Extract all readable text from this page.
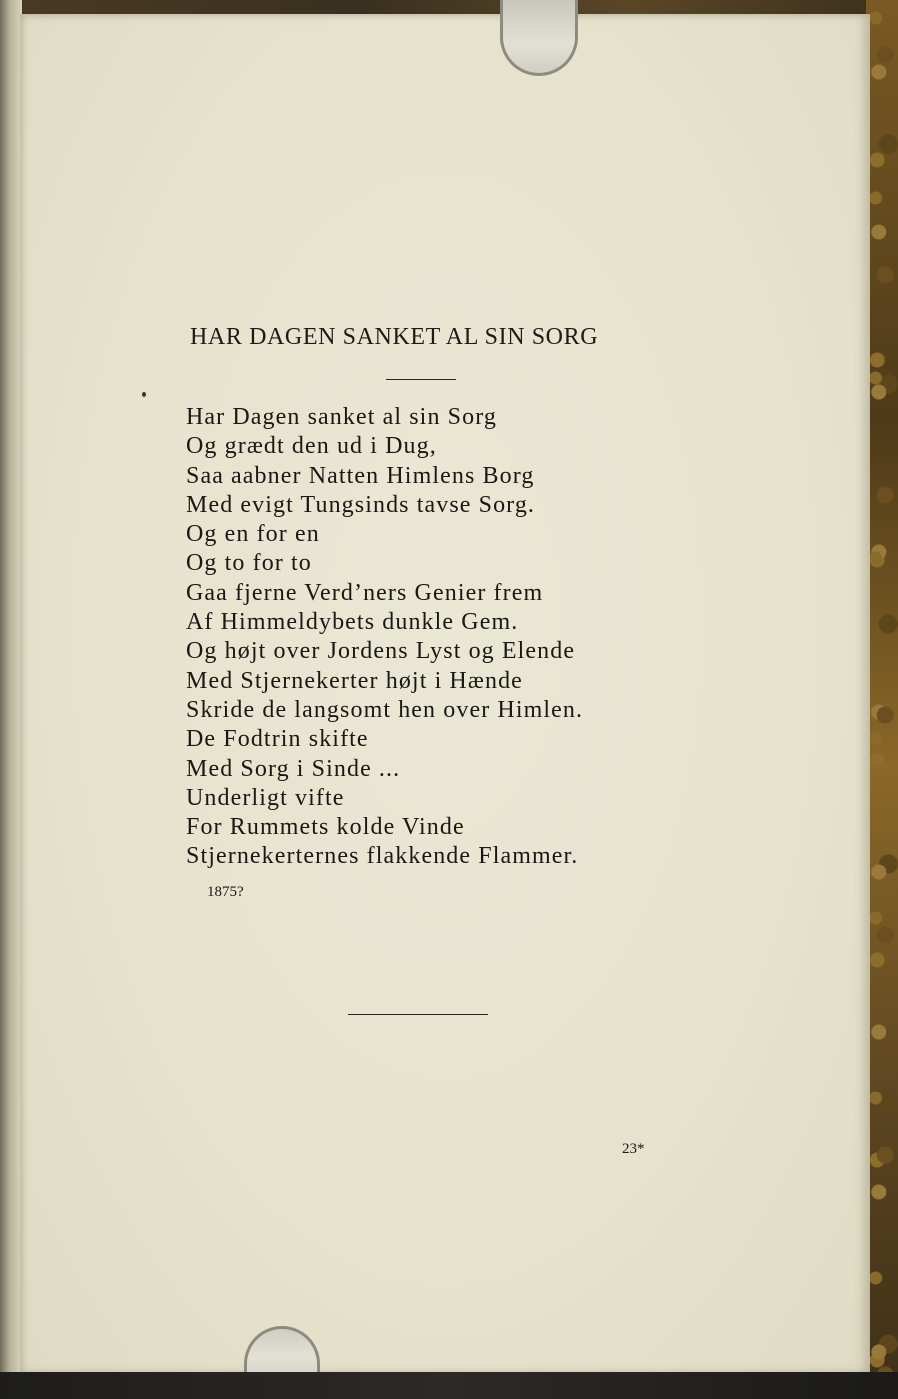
HAR DAGEN SANKET AL SIN SORG
Har Dagen sanket al sin Sorg
Og grædt den ud i Dug,
Saa aabner Natten Himlens Borg
Med evigt Tungsinds tavse Sorg.
Og en for en
Og to for to
Gaa fjerne Verd’ners Genier frem
Af Himmeldybets dunkle Gem.
Og højt over Jordens Lyst og Elende
Med Stjernekerter højt i Hænde
Skride de langsomt hen over Himlen.
De Fodtrin skifte
Med Sorg i Sinde ...
Underligt vifte
For Rummets kolde Vinde
Stjernekerternes flakkende Flammer.
1875?
23*
